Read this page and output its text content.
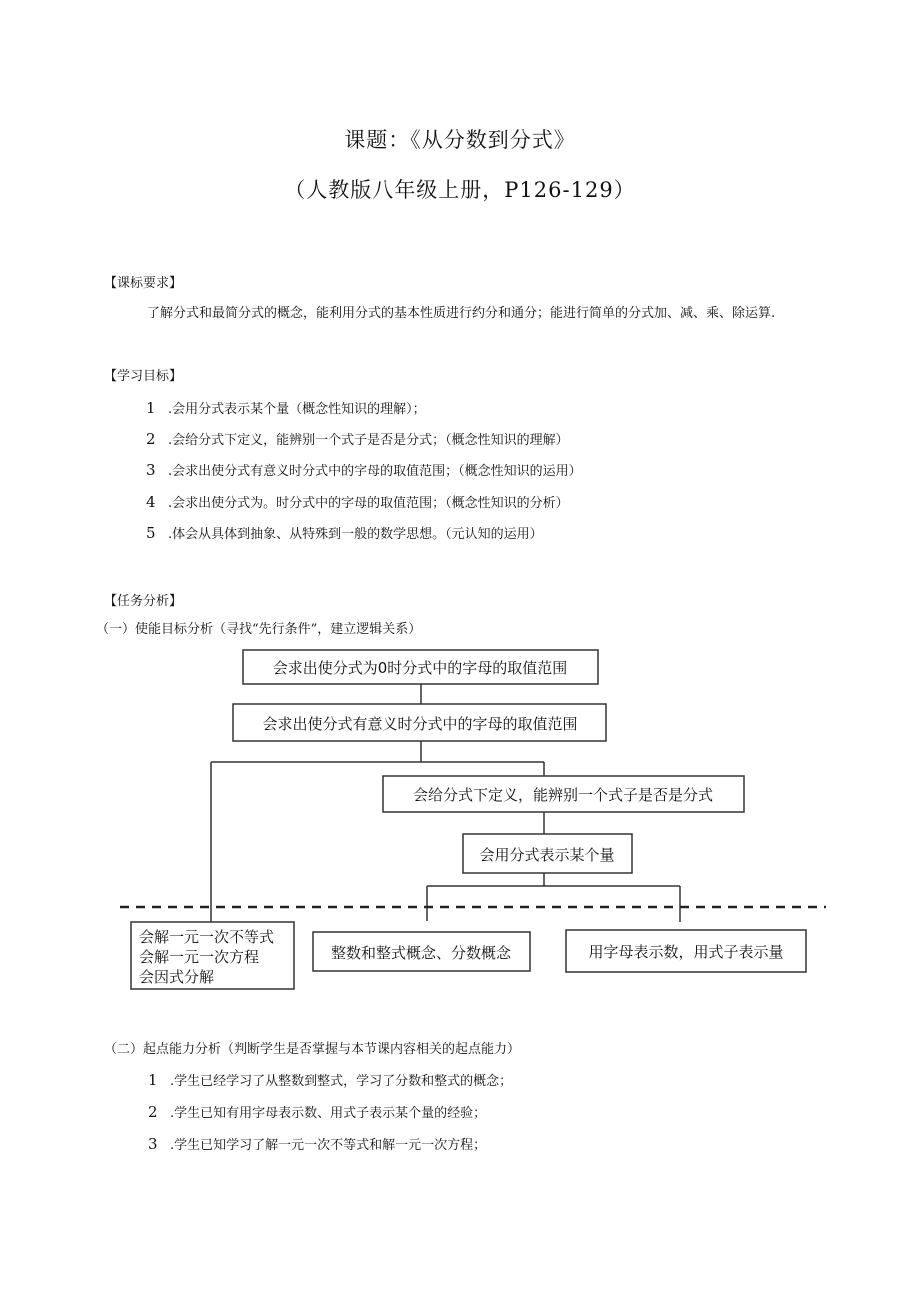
课题：《从分数到分式》
（人教版八年级上册，P126-129）
【课标要求】
了解分式和最简分式的概念，能利用分式的基本性质进行约分和通分；能进行简单的分式加、减、乘、除运算.
【学习目标】
1 .会用分式表示某个量（概念性知识的理解）；
2 .会给分式下定义，能辨别一个式子是否是分式；（概念性知识的理解）
3 .会求出使分式有意义时分式中的字母的取值范围；（概念性知识的运用）
4 .会求出使分式为。时分式中的字母的取值范围；（概念性知识的分析）
5 .体会从具体到抽象、从特殊到一般的数学思想。（元认知的运用）
【任务分析】
（一）使能目标分析（寻找“先行条件”，建立逻辑关系）
会求出使分式为0时分式中的字母的取值范围
会求出使分式有意义时分式中的字母的取值范围
会给分式下定义，能辨别一个式子是否是分式
会用分式表示某个量
会解一元一次不等式
会解一元一次方程
会因式分解
整数和整式概念、分数概念	用字母表示数，用式子表示量
（二）起点能力分析（判断学生是否掌握与本节课内容相关的起点能力）
1 .学生已经学习了从整数到整式，学习了分数和整式的概念；
2 .学生已知有用字母表示数、用式子表示某个量的经验；
3 .学生已知学习了解一元一次不等式和解一元一次方程；
